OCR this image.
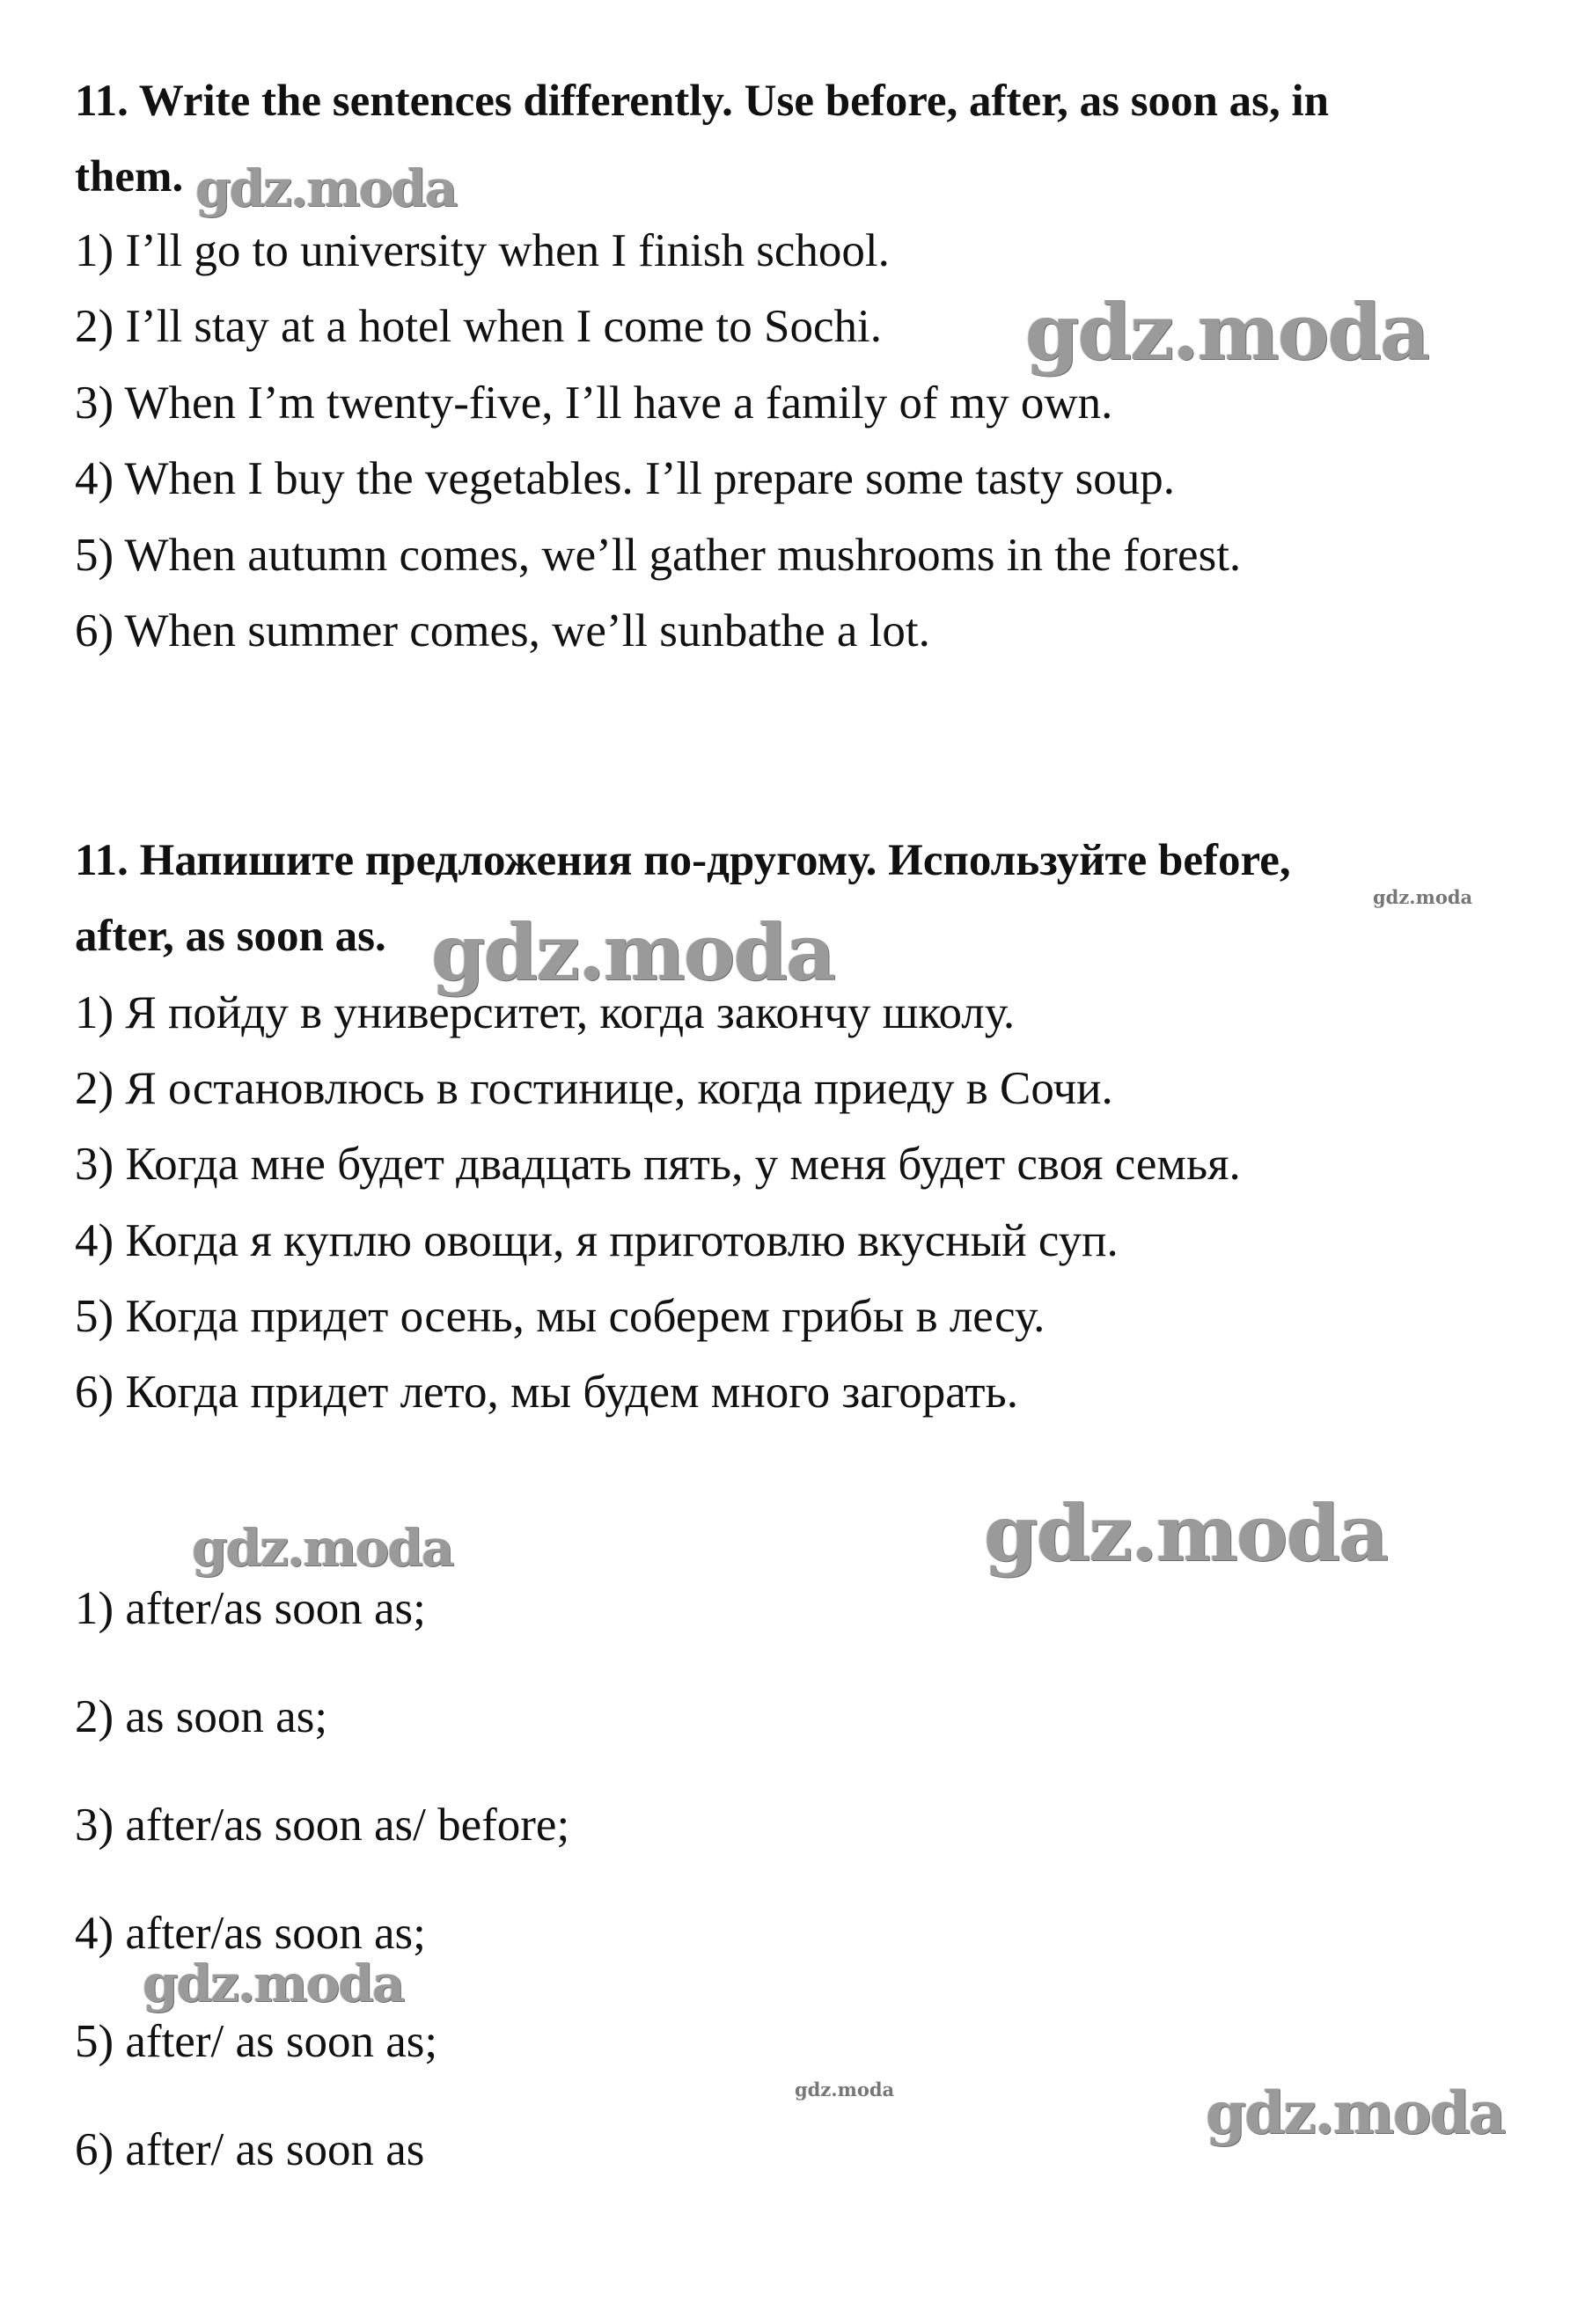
11. Write the sentences differently. Use before, after, as soon as, in
them.

1) I’ll go to university when I finish school.

2) I’ll stay at a hotel when I come to Sochi.

3) When I’m twenty-five, I’ll have a family of my own.

4) When I buy the vegetables. I’ll prepare some tasty soup.

5) When autumn comes, we’ll gather mushrooms in the forest.

6) When summer comes, we’ll sunbathe a lot.

11. Напишите предложения по-другому. Используйте before,
after, as soon as.

1) Я пойду в университет, когда закончу школу.

2) Я остановлюсь в гостинице, когда приеду в Сочи.

3) Когда мне будет двадцать пять, у меня будет своя семья.

4) Когда я куплю овощи, я приготовлю вкусный суп.

5) Когда придет осень, мы соберем грибы в лесу.

6) Когда придет лето, мы будем много загорать.

1) after/as soon as;

2) as soon as;

3) after/as soon as/ before;

4) after/as soon as;

5) after/ as soon as;

6) after/ as soon as

gdz.moda
gdz.moda
gdz.moda
gdz.moda
gdz.moda	gdz.moda
gdz.moda
gdz.moda	gdz.moda
